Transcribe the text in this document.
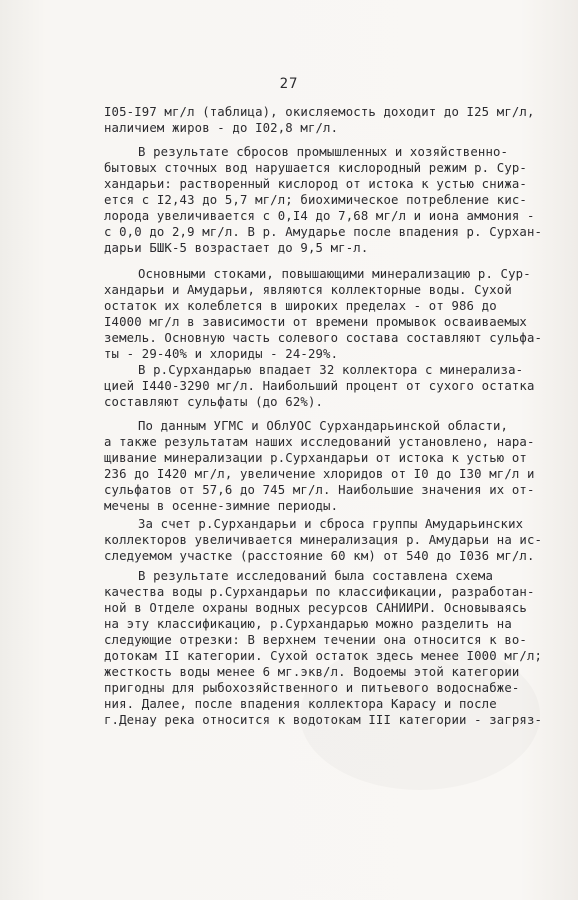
27
I05-I97 мг/л (таблица), окисляемость доходит до I25 мг/л,
наличием жиров - до I02,8 мг/л.
В результате сбросов промышленных и хозяйственно-
бытовых сточных вод нарушается кислородный режим р. Сур-
хандарьи: растворенный кислород от истока к устью снижа-
ется с I2,43 до 5,7 мг/л; биохимическое потребление кис-
лорода увеличивается с 0,I4 до 7,68 мг/л и иона аммония -
с 0,0 до 2,9 мг/л. В р. Амударье после впадения р. Сурхан-
дарьи БШК-5 возрастает до 9,5 мг-л.
Основными стоками, повышающими минерализацию р. Сур-
хандарьи и Амударьи, являются коллекторные воды. Сухой
остаток их колеблется в широких пределах - от 986 до
I4000 мг/л в зависимости от времени промывок осваиваемых
земель. Основную часть солевого состава составляют сульфа-
ты - 29-40% и хлориды - 24-29%.
В р.Сурхандарью впадает 32 коллектора с минерализа-
цией I440-3290 мг/л. Наибольший процент от сухого остатка
составляют сульфаты (до 62%).
По данным УГМС и ОблУОС Сурхандарьинской области,
а также результатам наших исследований установлено, нара-
щивание минерализации р.Сурхандарьи от истока к устью от
236 до I420 мг/л, увеличение хлоридов от I0 до I30 мг/л и
сульфатов от 57,6 до 745 мг/л. Наибольшие значения их от-
мечены в осенне-зимние периоды.
За счет р.Сурхандарьи и сброса группы Амударьинских
коллекторов увеличивается минерализация р. Амударьи на ис-
следуемом участке (расстояние 60 км) от 540 до I036 мг/л.
В результате исследований была составлена схема
качества воды р.Сурхандарьи по классификации, разработан-
ной в Отделе охраны водных ресурсов САНИИРИ. Основываясь
на эту классификацию, р.Сурхандарью можно разделить на
следующие отрезки: В верхнем течении она относится к во-
дотокам II категории. Сухой остаток здесь менее I000 мг/л;
жесткость воды менее 6 мг.экв/л. Водоемы этой категории
пригодны для рыбохозяйственного и питьевого водоснабже-
ния. Далее, после впадения коллектора Карасу и после
г.Денау река относится к водотокам III категории - загряз-
